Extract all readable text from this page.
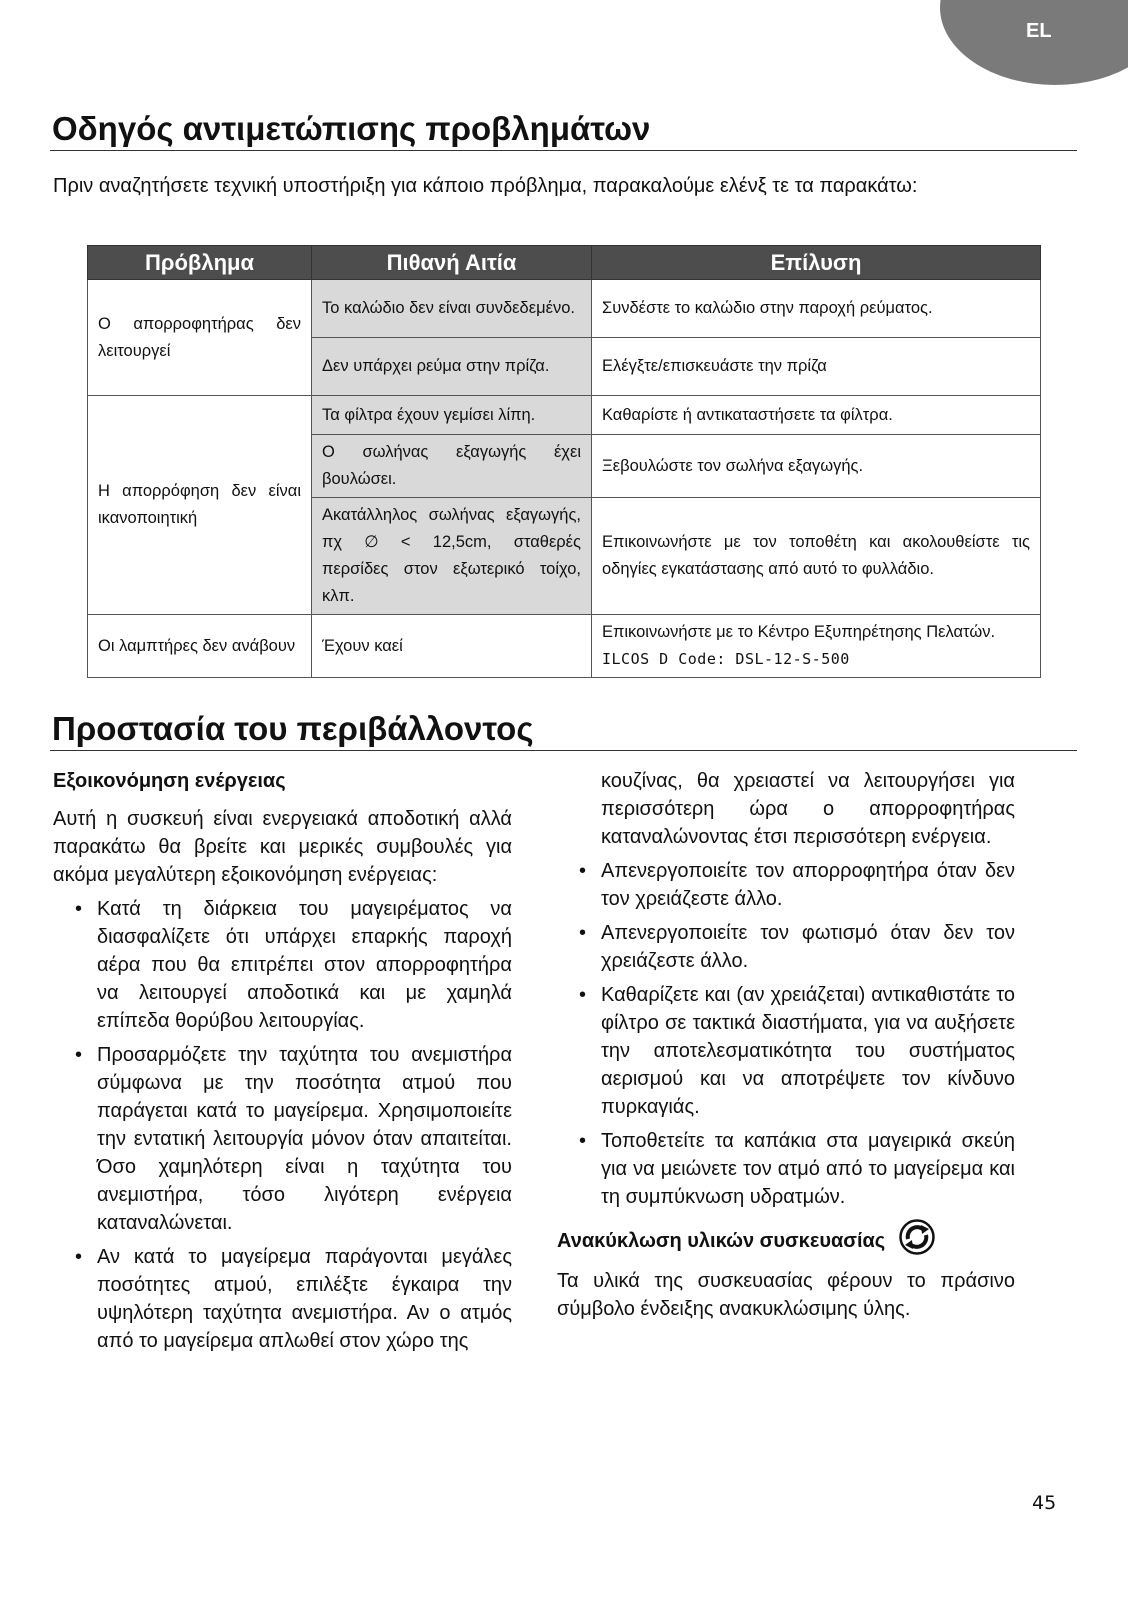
EL
Οδηγός αντιμετώπισης προβλημάτων

Πριν αναζητήσετε τεχνική υποστήριξη για κάποιο πρόβλημα, παρακαλούμε ελένξ τε τα παρακάτω:

Πρόβλημα	Πιθανή Αιτία	Επίλυση
Ο απορροφητήρας δεν λειτουργεί	Το καλώδιο δεν είναι συνδεδεμένο.	Συνδέστε το καλώδιο στην παροχή ρεύματος.
	Δεν υπάρχει ρεύμα στην πρίζα.	Ελέγξτε/επισκευάστε την πρίζα
Η απορρόφηση δεν είναι ικανοποιητική	Τα φίλτρα έχουν γεμίσει λίπη.	Καθαρίστε ή αντικαταστήσετε τα φίλτρα.
	Ο σωλήνας εξαγωγής έχει βουλώσει.	Ξεβουλώστε τον σωλήνα εξαγωγής.
	Ακατάλληλος σωλήνας εξαγωγής, πχ ∅ < 12,5cm, σταθερές περσίδες στον εξωτερικό τοίχο, κλπ.	Επικοινωνήστε με τον τοποθέτη και ακολουθείστε τις οδηγίες εγκατάστασης από αυτό το φυλλάδιο.
Οι λαμπτήρες δεν ανάβουν	Έχουν καεί	Επικοινωνήστε με το Κέντρο Εξυπηρέτησης Πελατών.
ILCOS D Code: DSL-12-S-500
Προστασία του περιβάλλοντος
Εξοικονόμηση ενέργειας

Αυτή η συσκευή είναι ενεργειακά αποδοτική αλλά παρακάτω θα βρείτε και μερικές συμβουλές για ακόμα μεγαλύτερη εξοικονόμηση ενέργειας:

• Κατά τη διάρκεια του μαγειρέματος να διασφαλίζετε ότι υπάρχει επαρκής παροχή αέρα που θα επιτρέπει στον απορροφητήρα να λειτουργεί αποδοτικά και με χαμηλά επίπεδα θορύβου λειτουργίας.
• Προσαρμόζετε την ταχύτητα του ανεμιστήρα σύμφωνα με την ποσότητα ατμού που παράγεται κατά το μαγείρεμα. Χρησιμοποιείτε την εντατική λειτουργία μόνον όταν απαιτείται. Όσο χαμηλότερη είναι η ταχύτητα του ανεμιστήρα, τόσο λιγότερη ενέργεια καταναλώνεται.
• Αν κατά το μαγείρεμα παράγονται μεγάλες ποσότητες ατμού, επιλέξτε έγκαιρα την υψηλότερη ταχύτητα ανεμιστήρα. Αν ο ατμός από το μαγείρεμα απλωθεί στον χώρο της

κουζίνας, θα χρειαστεί να λειτουργήσει για περισσότερη ώρα ο απορροφητήρας καταναλώνοντας έτσι περισσότερη ενέργεια.

• Απενεργοποιείτε τον απορροφητήρα όταν δεν τον χρειάζεστε άλλο.
• Απενεργοποιείτε τον φωτισμό όταν δεν τον χρειάζεστε άλλο.
• Καθαρίζετε και (αν χρειάζεται) αντικαθιστάτε το φίλτρο σε τακτικά διαστήματα, για να αυξήσετε την αποτελεσματικότητα του συστήματος αερισμού και να αποτρέψετε τον κίνδυνο πυρκαγιάς.
• Τοποθετείτε τα καπάκια στα μαγειρικά σκεύη για να μειώνετε τον ατμό από το μαγείρεμα και τη συμπύκνωση υδρατμών.
Ανακύκλωση υλικών συσκευασίας

Τα υλικά της συσκευασίας φέρουν το πράσινο σύμβολο ένδειξης ανακυκλώσιμης ύλης.

45
